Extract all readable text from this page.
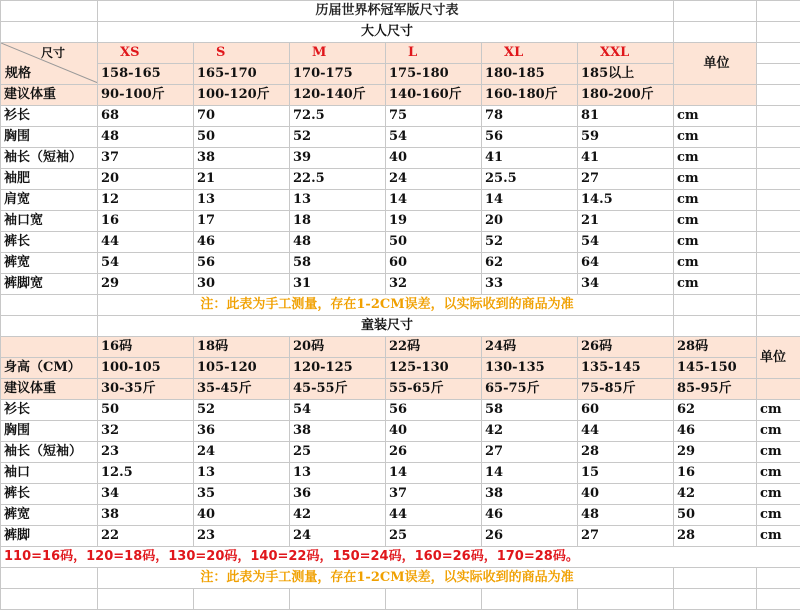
	历届世界杯冠军版尺寸表							
	大人尺寸							

尺寸
规格	XS	S	M	L	XL	XXL	单位	
	158-165	165-170	170-175	175-180	180-185	185以上		
建议体重	90-100斤	100-120斤	120-140斤	140-160斤	160-180斤	180-200斤		
衫长	68	70	72.5	75	78	81	cm	
胸围	48	50	52	54	56	59	cm	
袖长（短袖）	37	38	39	40	41	41	cm	
袖肥	20	21	22.5	24	25.5	27	cm	
肩宽	12	13	13	14	14	14.5	cm	
袖口宽	16	17	18	19	20	21	cm	
裤长	44	46	48	50	52	54	cm	
裤宽	54	56	58	60	62	64	cm	
裤脚宽	29	30	31	32	33	34	cm	
	注：此表为手工测量，存在1-2CM误差，以实际收到的商品为准							
	童装尺寸							
	16码	18码	20码	22码	24码	26码	28码	单位
身高（CM）	100-105	105-120	120-125	125-130	130-135	135-145	145-150	
建议体重	30-35斤	35-45斤	45-55斤	55-65斤	65-75斤	75-85斤	85-95斤	
衫长	50	52	54	56	58	60	62	cm
胸围	32	36	38	40	42	44	46	cm
袖长（短袖）	23	24	25	26	27	28	29	cm
袖口	12.5	13	13	14	14	15	16	cm
裤长	34	35	36	37	38	40	42	cm
裤宽	38	40	42	44	46	48	50	cm
裤脚	22	23	24	25	26	27	28	cm
110=16码，120=18码，130=20码，140=22码，150=24码，160=26码，170=28码。								
	注：此表为手工测量，存在1-2CM误差，以实际收到的商品为准							
